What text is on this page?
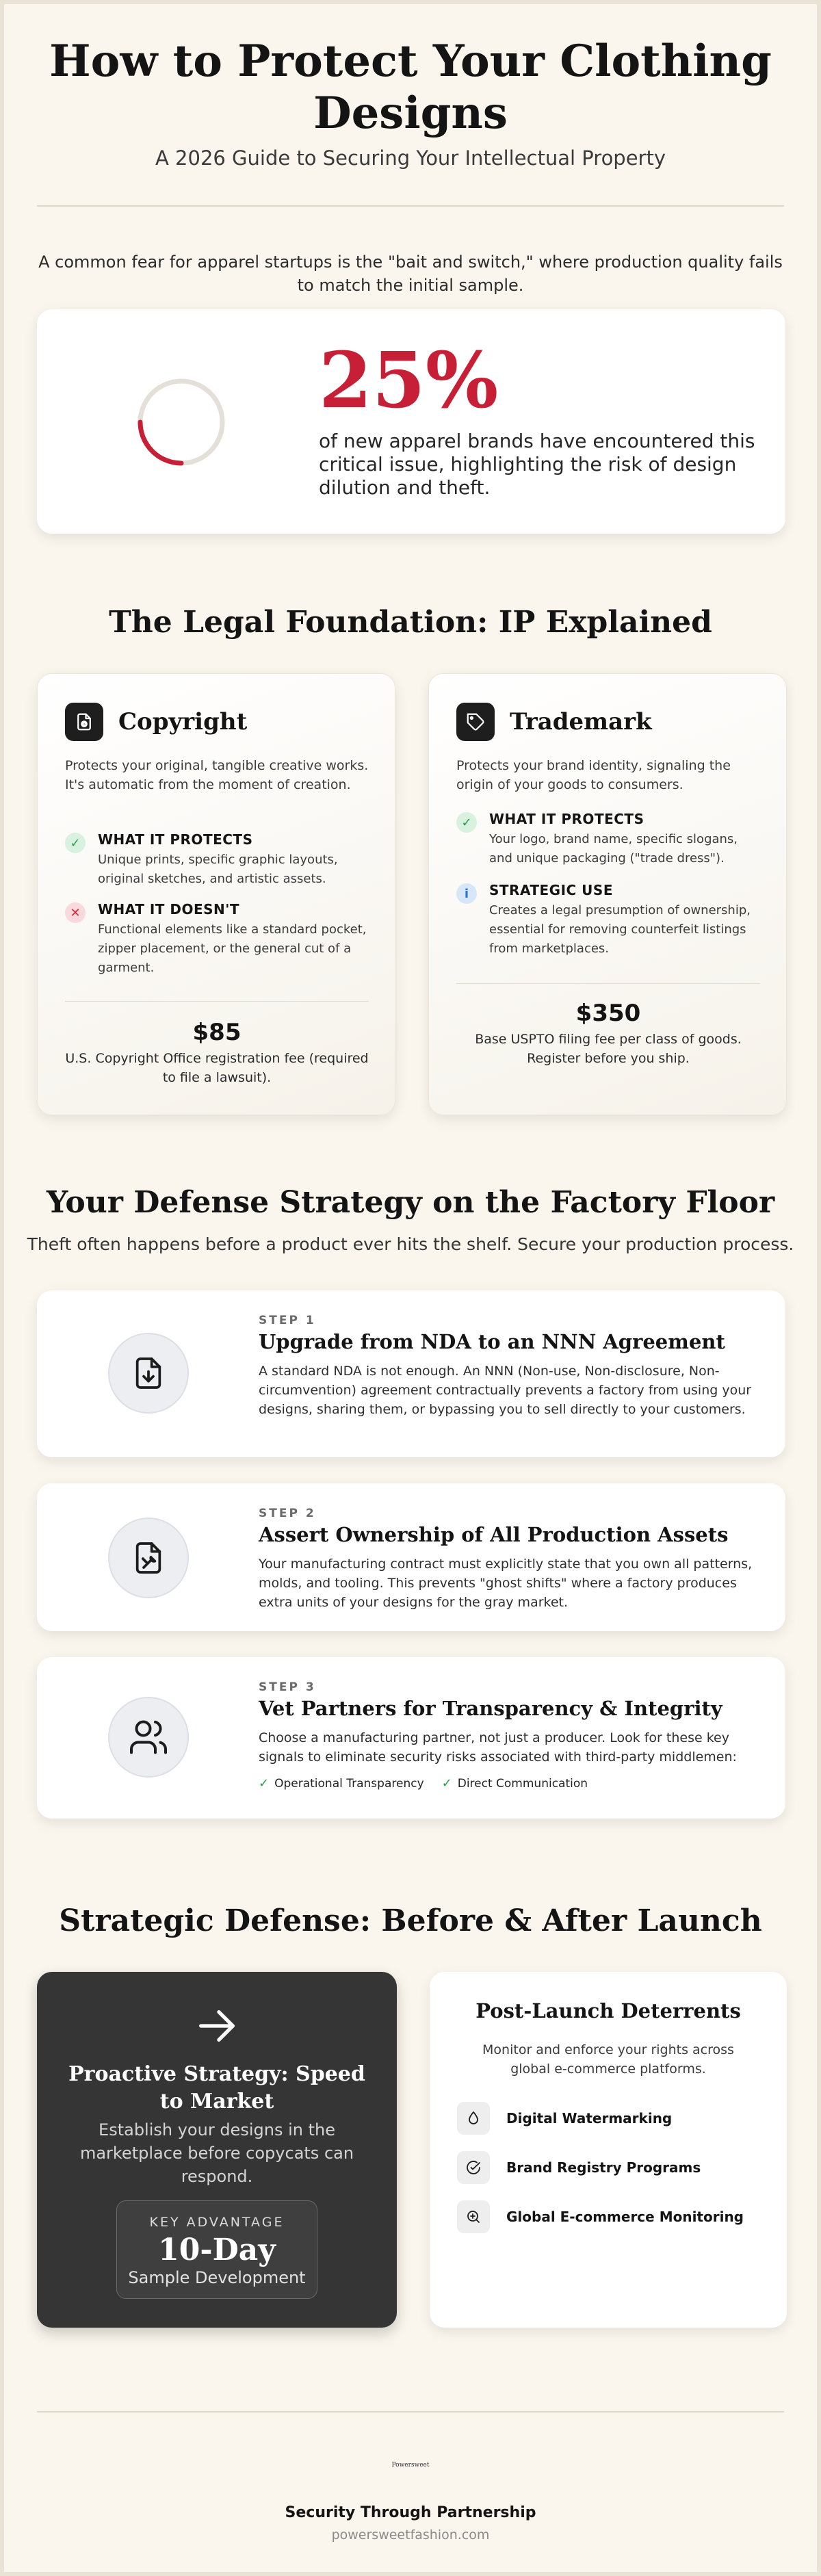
How to Protect Your Clothing Designs
A 2026 Guide to Securing Your Intellectual Property

A common fear for apparel startups is the "bait and switch," where production quality fails to match the initial sample.

25%
of new apparel brands have encountered this critical issue, highlighting the risk of design dilution and theft.
The Legal Foundation: IP Explained
Copyright

Protects your original, tangible creative works. It's automatic from the moment of creation.

✓	WHAT IT PROTECTS
Unique prints, specific graphic layouts, original sketches, and artistic assets.
✕	WHAT IT DOESN'T
Functional elements like a standard pocket, zipper placement, or the general cut of a garment.
$85
U.S. Copyright Office registration fee (required to file a lawsuit).
Trademark

Protects your brand identity, signaling the origin of your goods to consumers.

✓	WHAT IT PROTECTS
Your logo, brand name, specific slogans, and unique packaging ("trade dress").
i	STRATEGIC USE
Creates a legal presumption of ownership, essential for removing counterfeit listings from marketplaces.
$350
Base USPTO filing fee per class of goods. Register before you ship.
Your Defense Strategy on the Factory Floor
Theft often happens before a product ever hits the shelf. Secure your production process.
STEP 1
Upgrade from NDA to an NNN Agreement

A standard NDA is not enough. An NNN (Non-use, Non-disclosure, Non-circumvention) agreement contractually prevents a factory from using your designs, sharing them, or bypassing you to sell directly to your customers.

STEP 2
Assert Ownership of All Production Assets

Your manufacturing contract must explicitly state that you own all patterns, molds, and tooling. This prevents "ghost shifts" where a factory produces extra units of your designs for the gray market.

STEP 3
Vet Partners for Transparency & Integrity

Choose a manufacturing partner, not just a producer. Look for these key signals to eliminate security risks associated with third-party middlemen:

✓ Operational Transparency ✓ Direct Communication
Strategic Defense: Before & After Launch
Proactive Strategy: Speed to Market

Establish your designs in the marketplace before copycats can respond.

KEY ADVANTAGE
10-Day
Sample Development
Post-Launch Deterrents

Monitor and enforce your rights across global e-commerce platforms.

Digital Watermarking
Brand Registry Programs
Global E-commerce Monitoring
Powersweet
Security Through Partnership
powersweetfashion.com
